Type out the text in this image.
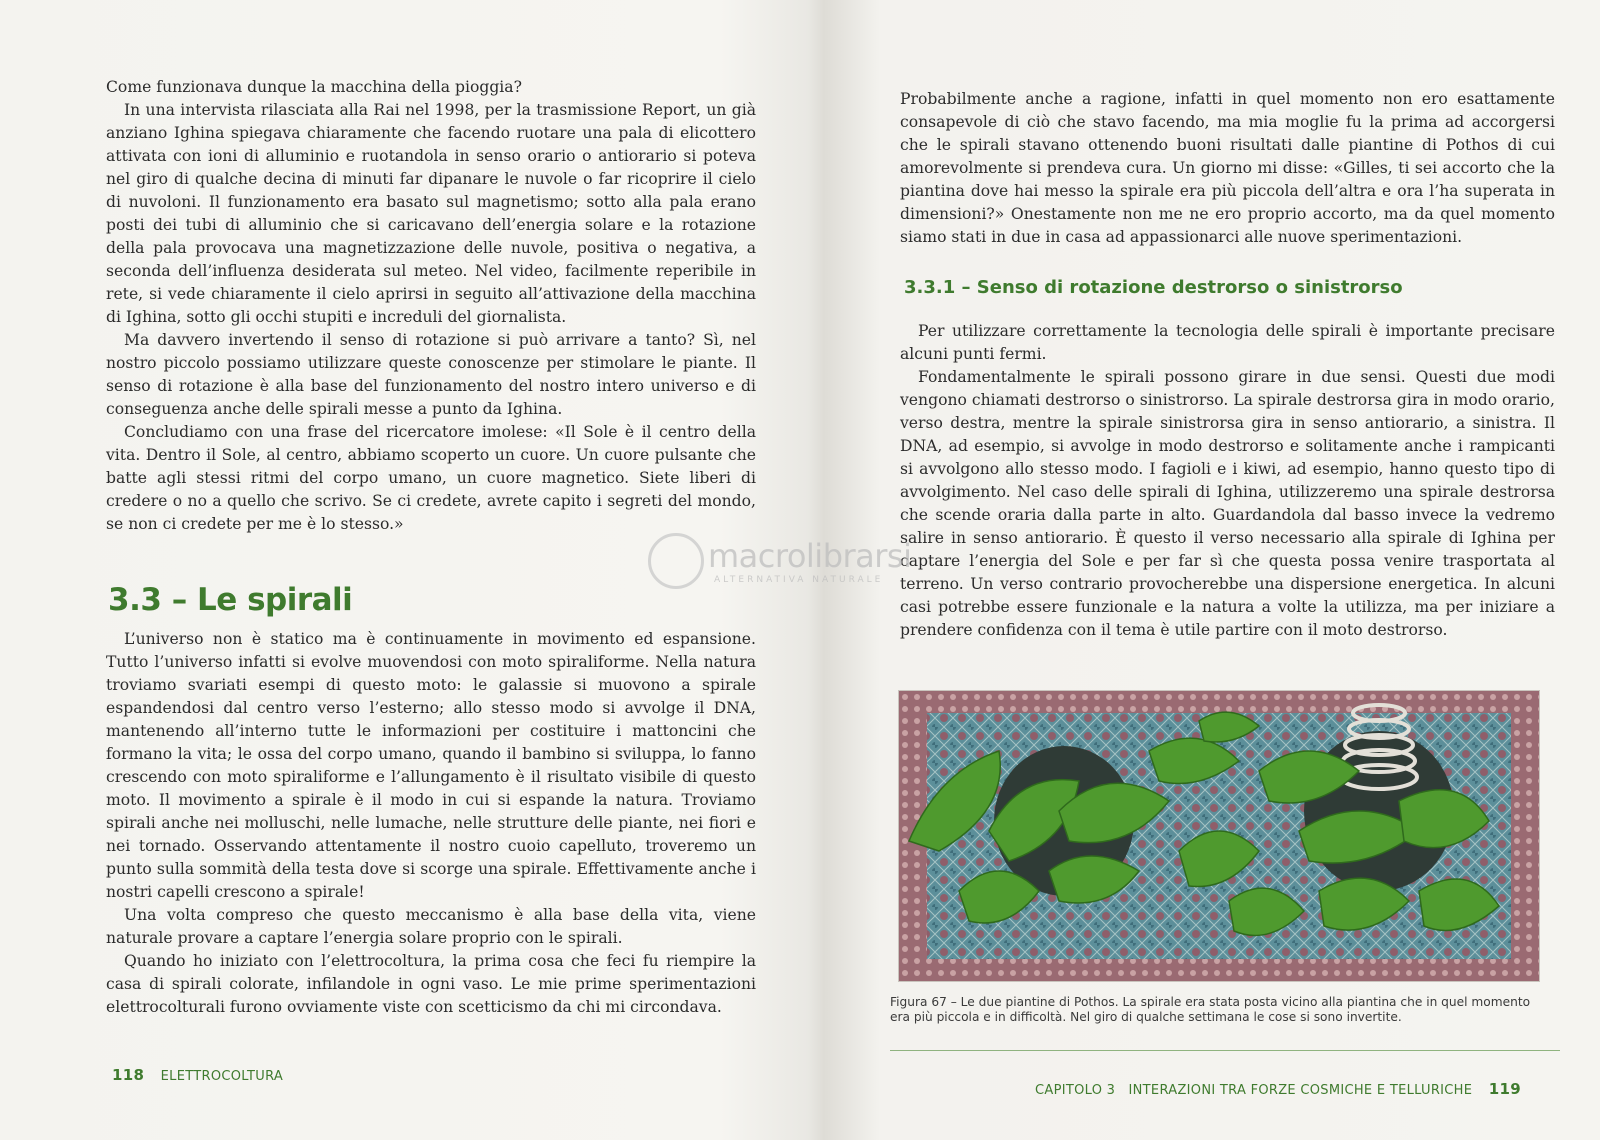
Come funzionava dunque la macchina della pioggia?

In una intervista rilasciata alla Rai nel 1998, per la trasmissione Report, un già anziano Ighina spiegava chiaramente che facendo ruotare una pala di elicottero attivata con ioni di alluminio e ruotandola in senso orario o antiorario si poteva nel giro di qualche decina di minuti far dipanare le nuvole o far ricoprire il cielo di nuvoloni. Il funzionamento era basato sul magnetismo; sotto alla pala erano posti dei tubi di alluminio che si caricavano dell’energia solare e la rotazione della pala provocava una magnetizzazione delle nuvole, positiva o negativa, a seconda dell’influenza desiderata sul meteo. Nel video, facilmente reperibile in rete, si vede chiaramente il cielo aprirsi in seguito all’attivazione della macchina di Ighina, sotto gli occhi stupiti e increduli del giornalista.

Ma davvero invertendo il senso di rotazione si può arrivare a tanto? Sì, nel nostro piccolo possiamo utilizzare queste conoscenze per stimolare le piante. Il senso di rotazione è alla base del funzionamento del nostro intero universo e di conseguenza anche delle spirali messe a punto da Ighina.

Concludiamo con una frase del ricercatore imolese: «Il Sole è il centro della vita. Dentro il Sole, al centro, abbiamo scoperto un cuore. Un cuore pulsante che batte agli stessi ritmi del corpo umano, un cuore magnetico. Siete liberi di credere o no a quello che scrivo. Se ci credete, avrete capito i segreti del mondo, se non ci credete per me è lo stesso.»

3.3 – Le spirali

L’universo non è statico ma è continuamente in movimento ed espansione. Tutto l’universo infatti si evolve muovendosi con moto spiraliforme. Nella natura troviamo svariati esempi di questo moto: le galassie si muovono a spirale espandendosi dal centro verso l’esterno; allo stesso modo si avvolge il DNA, mantenendo all’interno tutte le informazioni per costituire i mattoncini che formano la vita; le ossa del corpo umano, quando il bambino si sviluppa, lo fanno crescendo con moto spiraliforme e l’allungamento è il risultato visibile di questo moto. Il movimento a spirale è il modo in cui si espande la natura. Troviamo spirali anche nei molluschi, nelle lumache, nelle strutture delle piante, nei fiori e nei tornado. Osservando attentamente il nostro cuoio capelluto, troveremo un punto sulla sommità della testa dove si scorge una spirale. Effettivamente anche i nostri capelli crescono a spirale!

Una volta compreso che questo meccanismo è alla base della vita, viene naturale provare a captare l’energia solare proprio con le spirali.

Quando ho iniziato con l’elettrocoltura, la prima cosa che feci fu riempire la casa di spirali colorate, infilandole in ogni vaso. Le mie prime sperimentazioni elettrocolturali furono ovviamente viste con scetticismo da chi mi circondava.

118 ELETTROCOLTURA

Probabilmente anche a ragione, infatti in quel momento non ero esattamente consapevole di ciò che stavo facendo, ma mia moglie fu la prima ad accorgersi che le spirali stavano ottenendo buoni risultati dalle piantine di Pothos di cui amorevolmente si prendeva cura. Un giorno mi disse: «Gilles, ti sei accorto che la piantina dove hai messo la spirale era più piccola dell’altra e ora l’ha superata in dimensioni?» Onestamente non me ne ero proprio accorto, ma da quel momento siamo stati in due in casa ad appassionarci alle nuove sperimentazioni.

3.3.1 – Senso di rotazione destrorso o sinistrorso

Per utilizzare correttamente la tecnologia delle spirali è importante precisare alcuni punti fermi.

Fondamentalmente le spirali possono girare in due sensi. Questi due modi vengono chiamati destrorso o sinistrorso. La spirale destrorsa gira in modo orario, verso destra, mentre la spirale sinistrorsa gira in senso antiorario, a sinistra. Il DNA, ad esempio, si avvolge in modo destrorso e solitamente anche i rampicanti si avvolgono allo stesso modo. I fagioli e i kiwi, ad esempio, hanno questo tipo di avvolgimento. Nel caso delle spirali di Ighina, utilizzeremo una spirale destrorsa che scende oraria dalla parte in alto. Guardandola dal basso invece la vedremo salire in senso antiorario. È questo il verso necessario alla spirale di Ighina per captare l’energia del Sole e per far sì che questa possa venire trasportata al terreno. Un verso contrario provocherebbe una dispersione energetica. In alcuni casi potrebbe essere funzionale e la natura a volte la utilizza, ma per iniziare a prendere confidenza con il tema è utile partire con il moto destrorso.

Figura 67 – Le due piantine di Pothos. La spirale era stata posta vicino alla piantina che in quel momento era più piccola e in difficoltà. Nel giro di qualche settimana le cose si sono invertite.
CAPITOLO 3   INTERAZIONI TRA FORZE COSMICHE E TELLURICHE 119
macrolibrarsi
ALTERNATIVA NATURALE
